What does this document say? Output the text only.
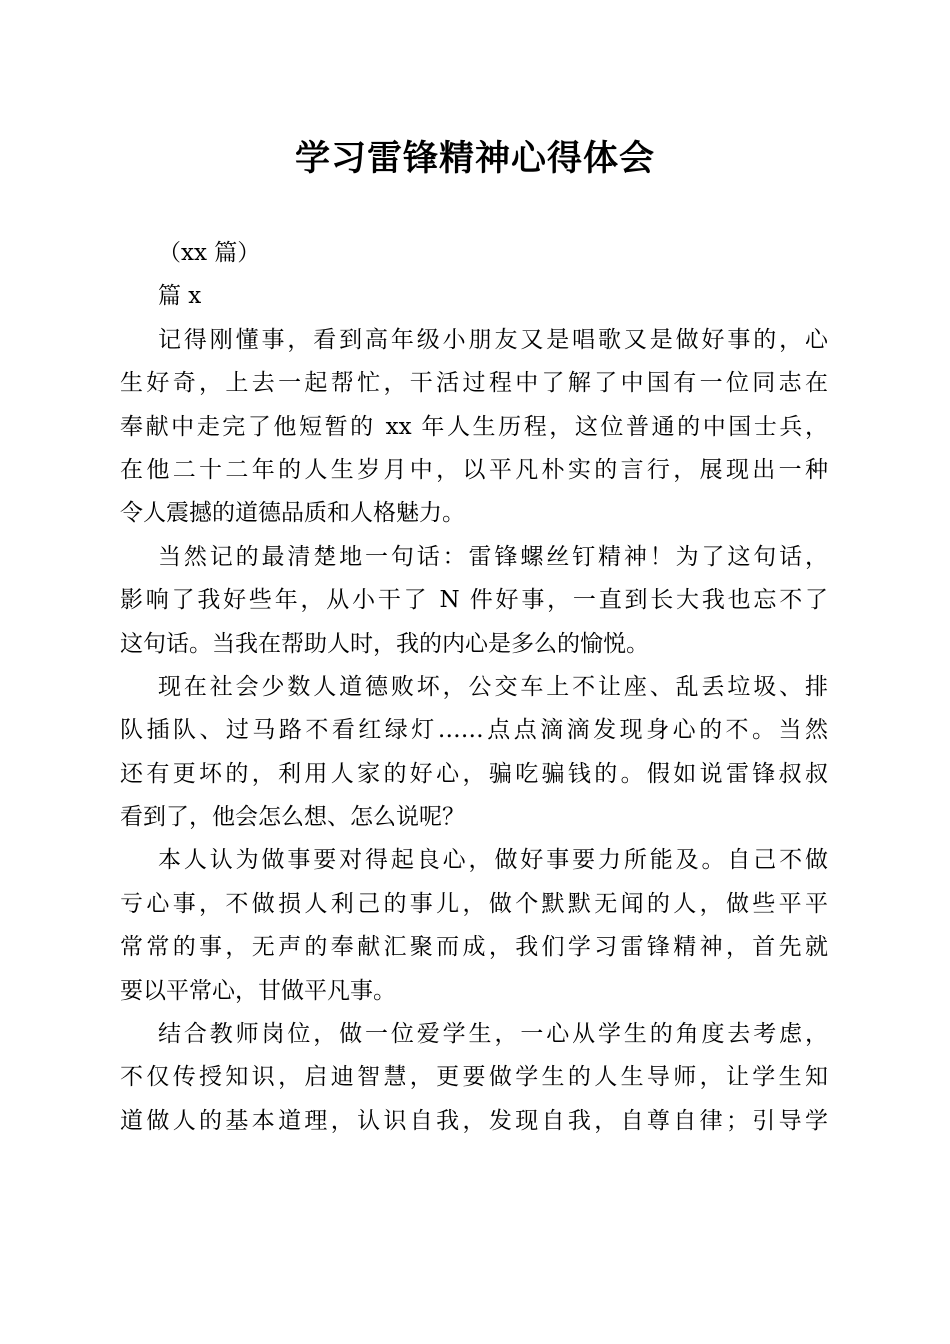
学习雷锋精神心得体会
（xx 篇）
篇 x
记得刚懂事，看到高年级小朋友又是唱歌又是做好事的，心
生好奇，上去一起帮忙，干活过程中了解了中国有一位同志在
奉献中走完了他短暂的 xx 年人生历程，这位普通的中国士兵，
在他二十二年的人生岁月中，以平凡朴实的言行，展现出一种
令人震撼的道德品质和人格魅力。
当然记的最清楚地一句话：雷锋螺丝钉精神！为了这句话，
影响了我好些年，从小干了 N 件好事，一直到长大我也忘不了
这句话。当我在帮助人时，我的内心是多么的愉悦。
现在社会少数人道德败坏，公交车上不让座、乱丢垃圾、排
队插队、过马路不看红绿灯……点点滴滴发现身心的不。当然
还有更坏的，利用人家的好心，骗吃骗钱的。假如说雷锋叔叔
看到了，他会怎么想、怎么说呢？
本人认为做事要对得起良心，做好事要力所能及。自己不做
亏心事，不做损人利己的事儿，做个默默无闻的人，做些平平
常常的事，无声的奉献汇聚而成，我们学习雷锋精神，首先就
要以平常心，甘做平凡事。
结合教师岗位，做一位爱学生，一心从学生的角度去考虑，
不仅传授知识，启迪智慧，更要做学生的人生导师，让学生知
道做人的基本道理，认识自我，发现自我，自尊自律；引导学
